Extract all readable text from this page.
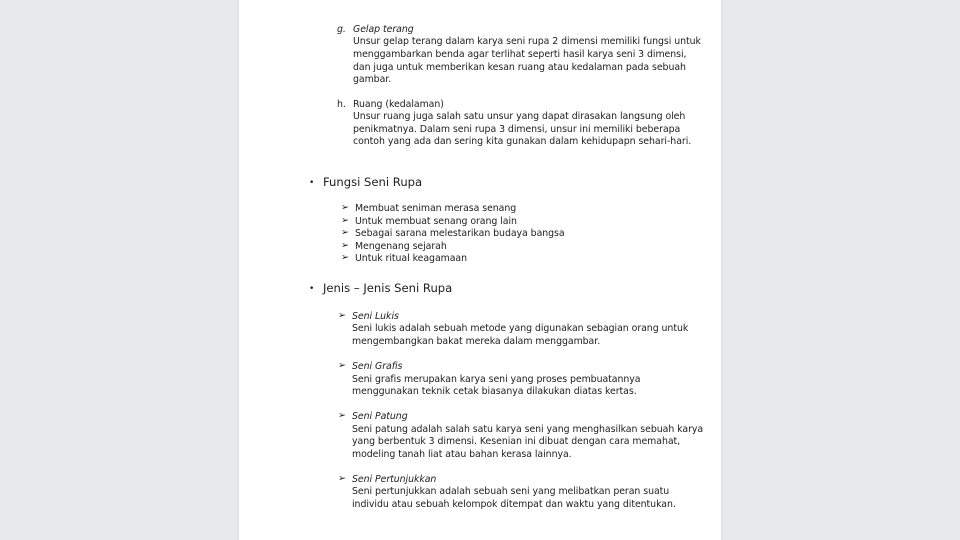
g. Gelap terang
Unsur gelap terang dalam karya seni rupa 2 dimensi memiliki fungsi untuk
menggambarkan benda agar terlihat seperti hasil karya seni 3 dimensi,
dan juga untuk memberikan kesan ruang atau kedalaman pada sebuah
gambar.
h. Ruang (kedalaman)
Unsur ruang juga salah satu unsur yang dapat dirasakan langsung oleh
penikmatnya. Dalam seni rupa 3 dimensi, unsur ini memiliki beberapa
contoh yang ada dan sering kita gunakan dalam kehidupapn sehari-hari.
• Fungsi Seni Rupa
➢ Membuat seniman merasa senang
➢ Untuk membuat senang orang lain
➢ Sebagai sarana melestarikan budaya bangsa
➢ Mengenang sejarah
➢ Untuk ritual keagamaan
• Jenis – Jenis Seni Rupa
➢ Seni Lukis
Seni lukis adalah sebuah metode yang digunakan sebagian orang untuk
mengembangkan bakat mereka dalam menggambar.
➢ Seni Grafis
Seni grafis merupakan karya seni yang proses pembuatannya
menggunakan teknik cetak biasanya dilakukan diatas kertas.
➢ Seni Patung
Seni patung adalah salah satu karya seni yang menghasilkan sebuah karya
yang berbentuk 3 dimensi. Kesenian ini dibuat dengan cara memahat,
modeling tanah liat atau bahan kerasa lainnya.
➢ Seni Pertunjukkan
Seni pertunjukkan adalah sebuah seni yang melibatkan peran suatu
individu atau sebuah kelompok ditempat dan waktu yang ditentukan.
